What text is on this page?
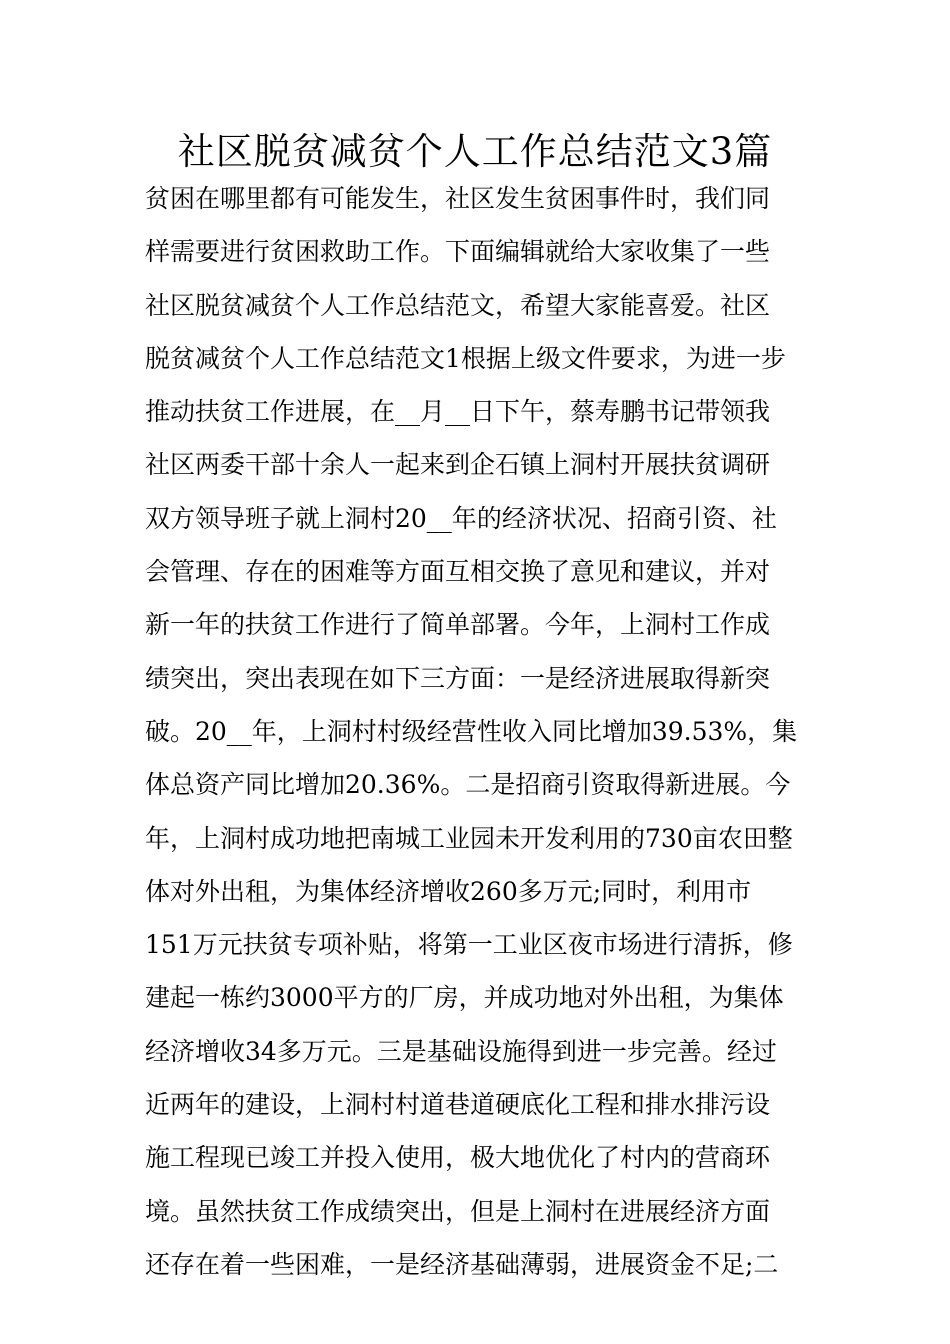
社区脱贫减贫个人工作总结范文3篇
贫困在哪里都有可能发生，社区发生贫困事件时，我们同
样需要进行贫困救助工作。下面编辑就给大家收集了一些
社区脱贫减贫个人工作总结范文，希望大家能喜爱。社区
脱贫减贫个人工作总结范文1根据上级文件要求，为进一步
推动扶贫工作进展，在__月__日下午，蔡寿鹏书记带领我
社区两委干部十余人一起来到企石镇上洞村开展扶贫调研
双方领导班子就上洞村20__年的经济状况、招商引资、社
会管理、存在的困难等方面互相交换了意见和建议，并对
新一年的扶贫工作进行了简单部署。今年，上洞村工作成
绩突出，突出表现在如下三方面：一是经济进展取得新突
破。20__年，上洞村村级经营性收入同比增加39.53%，集
体总资产同比增加20.36%。二是招商引资取得新进展。今
年，上洞村成功地把南城工业园未开发利用的730亩农田整
体对外出租，为集体经济增收260多万元;同时，利用市
151万元扶贫专项补贴，将第一工业区夜市场进行清拆，修
建起一栋约3000平方的厂房，并成功地对外出租，为集体
经济增收34多万元。三是基础设施得到进一步完善。经过
近两年的建设，上洞村村道巷道硬底化工程和排水排污设
施工程现已竣工并投入使用，极大地优化了村内的营商环
境。虽然扶贫工作成绩突出，但是上洞村在进展经济方面
还存在着一些困难，一是经济基础薄弱，进展资金不足;二
